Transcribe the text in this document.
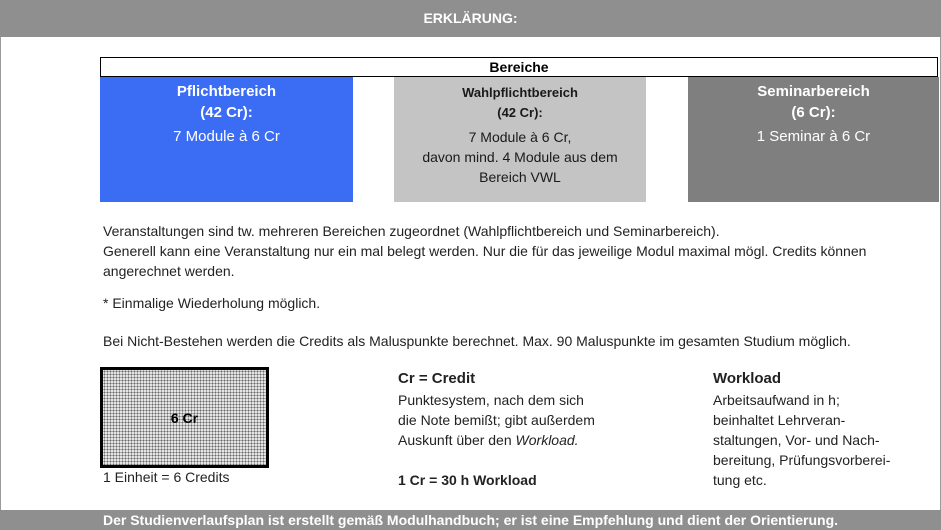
ERKLÄRUNG:
Bereiche
Pflichtbereich
(42 Cr):
7 Module à 6 Cr
Wahlpflichtbereich
(42 Cr):
7 Module à 6 Cr,
davon mind. 4 Module aus dem
Bereich VWL
Seminarbereich
(6 Cr):
1 Seminar à 6 Cr
Veranstaltungen sind tw. mehreren Bereichen zugeordnet (Wahlpflichtbereich und Seminarbereich).
Generell kann eine Veranstaltung nur ein mal belegt werden. Nur die für das jeweilige Modul maximal mögl. Credits können
angerechnet werden.
* Einmalige Wiederholung möglich.
Bei Nicht-Bestehen werden die Credits als Maluspunkte berechnet. Max. 90 Maluspunkte im gesamten Studium möglich.
6 Cr
1 Einheit = 6 Credits
Cr = Credit
Punktesystem, nach dem sich
die Note bemißt; gibt außerdem
Auskunft über den Workload.
1 Cr = 30 h Workload
Workload
Arbeitsaufwand in h;
beinhaltet Lehrveran-
staltungen, Vor- und Nach-
bereitung, Prüfungsvorberei-
tung etc.
Der Studienverlaufsplan ist erstellt gemäß Modulhandbuch; er ist eine Empfehlung und dient der Orientierung.
